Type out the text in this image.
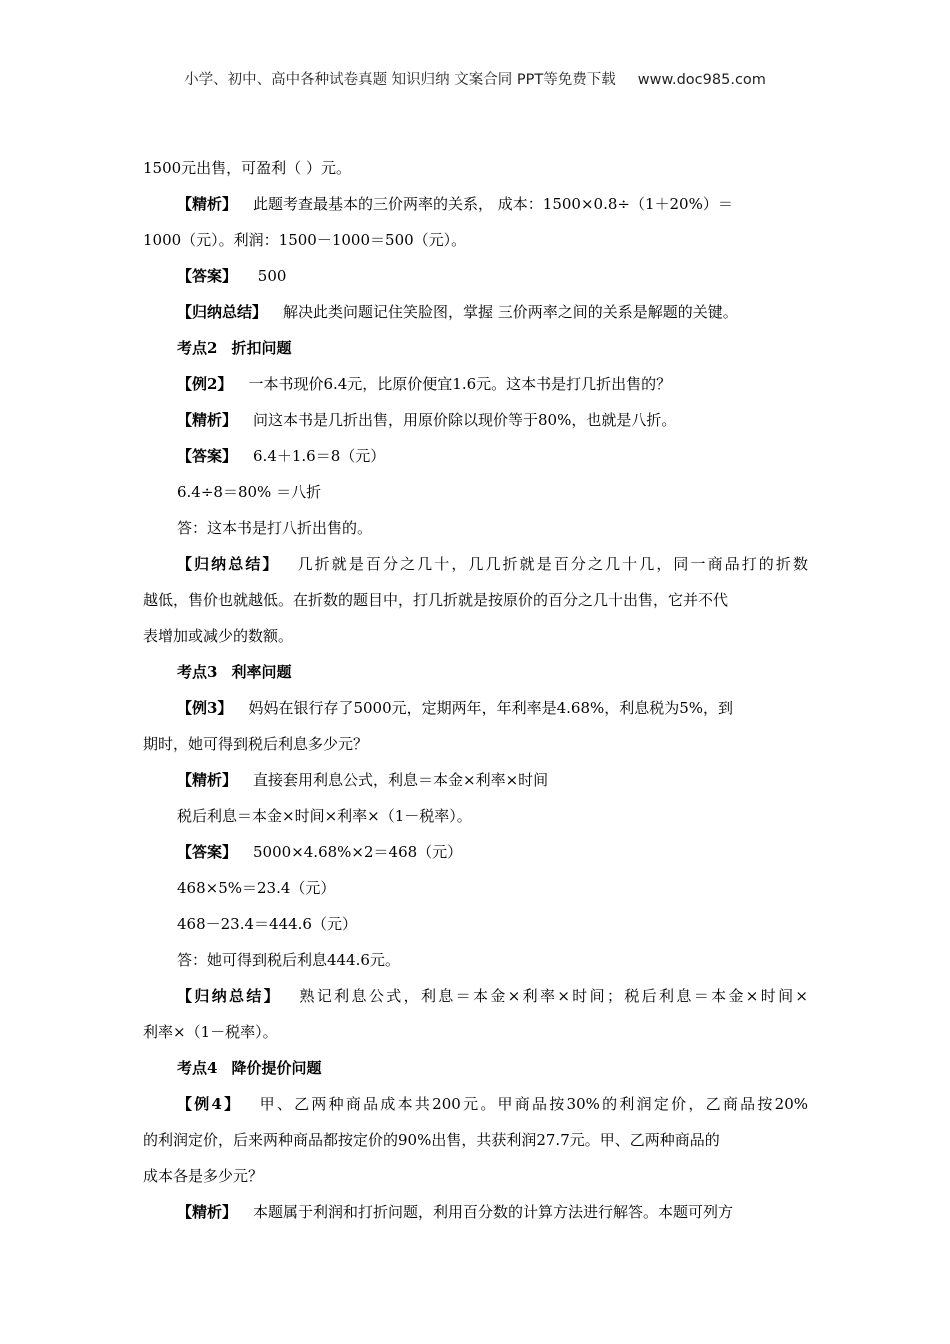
小学、初中、高中各种试卷真题 知识归纳 文案合同 PPT等免费下载 www.doc985.com
1500元出售，可盈利（ ）元。
【精析】 此题考查最基本的三价两率的关系， 成本：1500×0.8÷（1＋20%）＝
1000（元）。利润：1500－1000＝500（元）。
【答案】 500
【归纳总结】 解决此类问题记住笑脸图，掌握 三价两率之间的关系是解题的关键。
考点2 折扣问题
【例2】 一本书现价6.4元，比原价便宜1.6元。这本书是打几折出售的？
【精析】 问这本书是几折出售，用原价除以现价等于80%，也就是八折。
【答案】 6.4＋1.6＝8（元）
6.4÷8＝80% ＝八折
答：这本书是打八折出售的。
【归纳总结】 几折就是百分之几十，几几折就是百分之几十几，同一商品打的折数
越低，售价也就越低。在折数的题目中，打几折就是按原价的百分之几十出售，它并不代
表增加或减少的数额。
考点3 利率问题
【例3】 妈妈在银行存了5000元，定期两年，年利率是4.68%，利息税为5%，到
期时，她可得到税后利息多少元？
【精析】 直接套用利息公式，利息＝本金×利率×时间
税后利息＝本金×时间×利率×（1－税率）。
【答案】 5000×4.68%×2＝468（元）
468×5%＝23.4（元）
468－23.4＝444.6（元）
答：她可得到税后利息444.6元。
【归纳总结】 熟记利息公式，利息＝本金×利率×时间；税后利息＝本金×时间×
利率×（1－税率）。
考点4 降价提价问题
【例4】 甲、乙两种商品成本共200元。甲商品按30%的利润定价，乙商品按20%
的利润定价，后来两种商品都按定价的90%出售，共获利润27.7元。甲、乙两种商品的
成本各是多少元？
【精析】 本题属于利润和打折问题，利用百分数的计算方法进行解答。本题可列方
